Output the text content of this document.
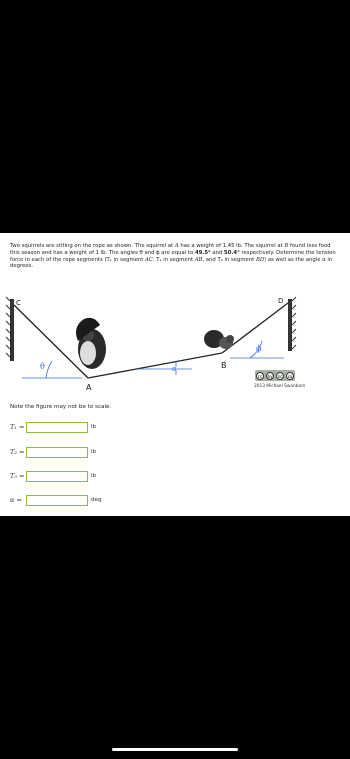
Two squirrels are sitting on the rope as shown. The squirrel at A has a weight of 1.45 lb. The squirrel at B found less food this season and has a weight of 1 lb. The angles θ and ϕ are equal to 49.5° and 50.4° respectively. Determine the tension force in each of the rope segments (T₁ in segment AC, T₂ in segment AB, and T₃ in segment BD) as well as the angle α in degrees.
C
A
B
D
θ
ϕ
α
cc	by	nc	sa
2013 Michael Swanbom
Note the figure may not be to scale.
T₁ =	lb
T₂ =	lb
T₃ =	lb
α =	deg
